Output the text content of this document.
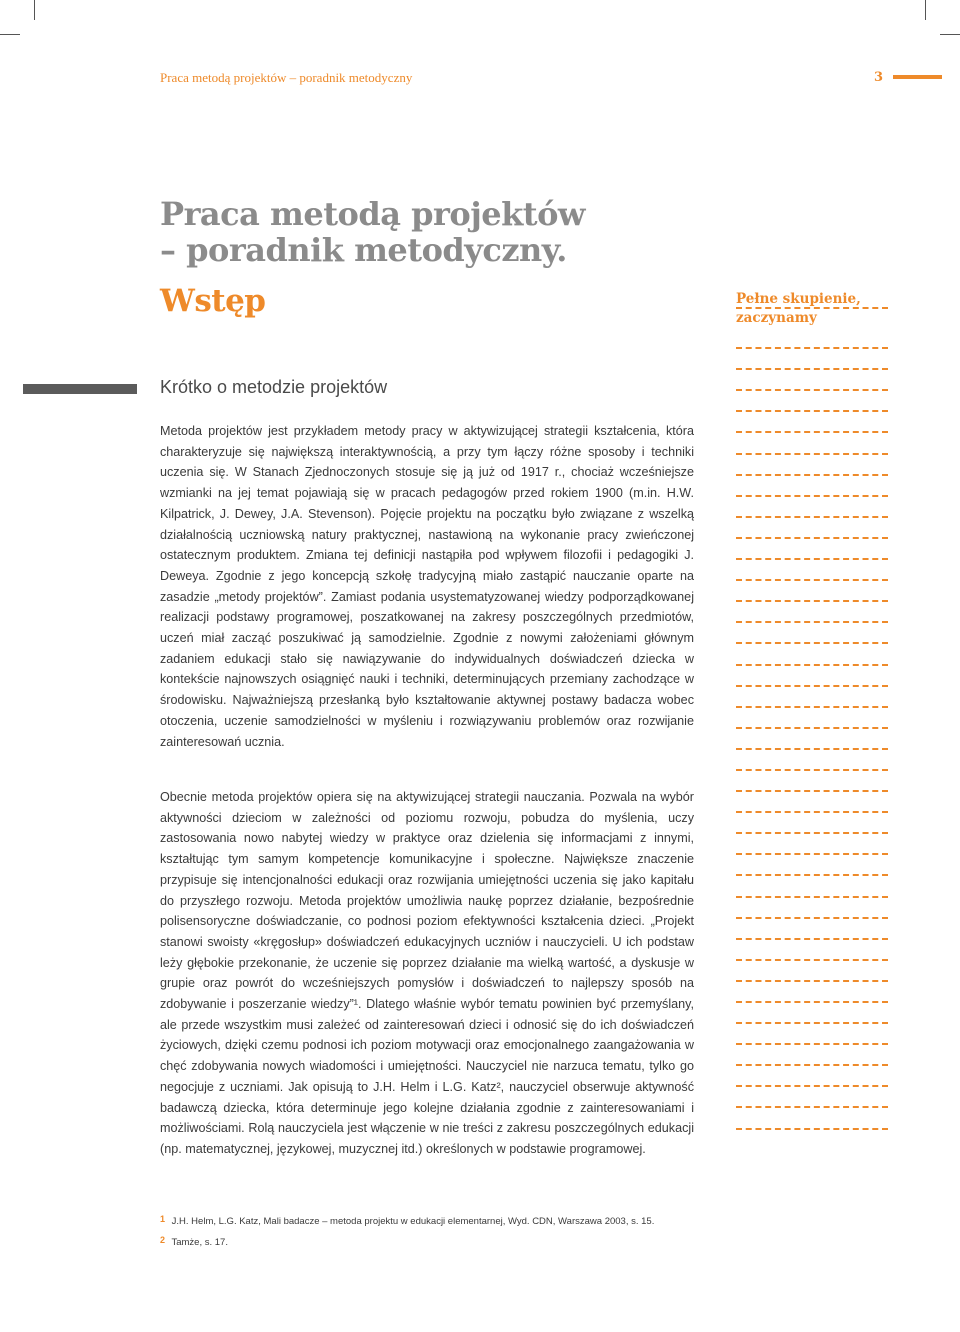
Praca metodą projektów – poradnik metodyczny	3
Praca metodą projektów
– poradnik metodyczny.
Wstęp	Pełne skupienie,
zaczynamy
Krótko o metodzie projektów

Metoda projektów jest przykładem metody pracy w aktywizującej strategii kształcenia, która charakteryzuje się największą interaktywnością, a przy tym łączy różne sposoby i techniki uczenia się. W Stanach Zjednoczonych stosuje się ją już od 1917 r., chociaż wcześniejsze wzmianki na jej temat pojawiają się w pracach pedagogów przed rokiem 1900 (m.in. H.W. Kilpatrick, J. Dewey, J.A. Stevenson). Pojęcie projektu na początku było związane z wszelką działalnością uczniowską natury praktycznej, nastawioną na wykonanie pracy zwieńczonej ostatecznym produktem. Zmiana tej definicji nastąpiła pod wpływem filozofii i pedagogiki J. Deweya. Zgodnie z jego koncepcją szkołę tradycyjną miało zastąpić nauczanie oparte na zasadzie „metody projektów”. Zamiast podania usystematyzowanej wiedzy podporządkowanej realizacji podstawy programowej, poszatkowanej na zakresy poszczególnych przedmiotów, uczeń miał zacząć poszukiwać ją samodzielnie. Zgodnie z nowymi założeniami głównym zadaniem edukacji stało się nawiązywanie do indywidualnych doświadczeń dziecka w kontekście najnowszych osiągnięć nauki i techniki, determinujących przemiany zachodzące w środowisku. Najważniejszą przesłanką było kształtowanie aktywnej postawy badacza wobec otoczenia, uczenie samodzielności w myśleniu i rozwiązywaniu problemów oraz rozwijanie zainteresowań ucznia.

Obecnie metoda projektów opiera się na aktywizującej strategii nauczania. Pozwala na wybór aktywności dzieciom w zależności od poziomu rozwoju, pobudza do myślenia, uczy zastosowania nowo nabytej wiedzy w praktyce oraz dzielenia się informacjami z innymi, kształtując tym samym kompetencje komunikacyjne i społeczne. Największe znaczenie przypisuje się intencjonalności edukacji oraz rozwijania umiejętności uczenia się jako kapitału do przyszłego rozwoju. Metoda projektów umożliwia naukę poprzez działanie, bezpośrednie polisensoryczne doświadczanie, co podnosi poziom efektywności kształcenia dzieci. „Projekt stanowi swoisty «kręgosłup» doświadczeń edukacyjnych uczniów i nauczycieli. U ich podstaw leży głębokie przekonanie, że uczenie się poprzez działanie ma wielką wartość, a dyskusje w grupie oraz powrót do wcześniejszych pomysłów i doświadczeń to najlepszy sposób na zdobywanie i poszerzanie wiedzy”¹. Dlatego właśnie wybór tematu powinien być przemyślany, ale przede wszystkim musi zależeć od zainteresowań dzieci i odnosić się do ich doświadczeń życiowych, dzięki czemu podnosi ich poziom motywacji oraz emocjonalnego zaangażowania w chęć zdobywania nowych wiadomości i umiejętności. Nauczyciel nie narzuca tematu, tylko go negocjuje z uczniami. Jak opisują to J.H. Helm i L.G. Katz², nauczyciel obserwuje aktywność badawczą dziecka, która determinuje jego kolejne działania zgodnie z zainteresowaniami i możliwościami. Rolą nauczyciela jest włączenie w nie treści z zakresu poszczególnych edukacji (np. matematycznej, językowej, muzycznej itd.) określonych w podstawie programowej.

$^1$ J.H. Helm, L.G. Katz, Mali badacze – metoda projektu w edukacji elementarnej, Wyd. CDN, Warszawa 2003, s. 15.
$^2$ Tamże, s. 17.
